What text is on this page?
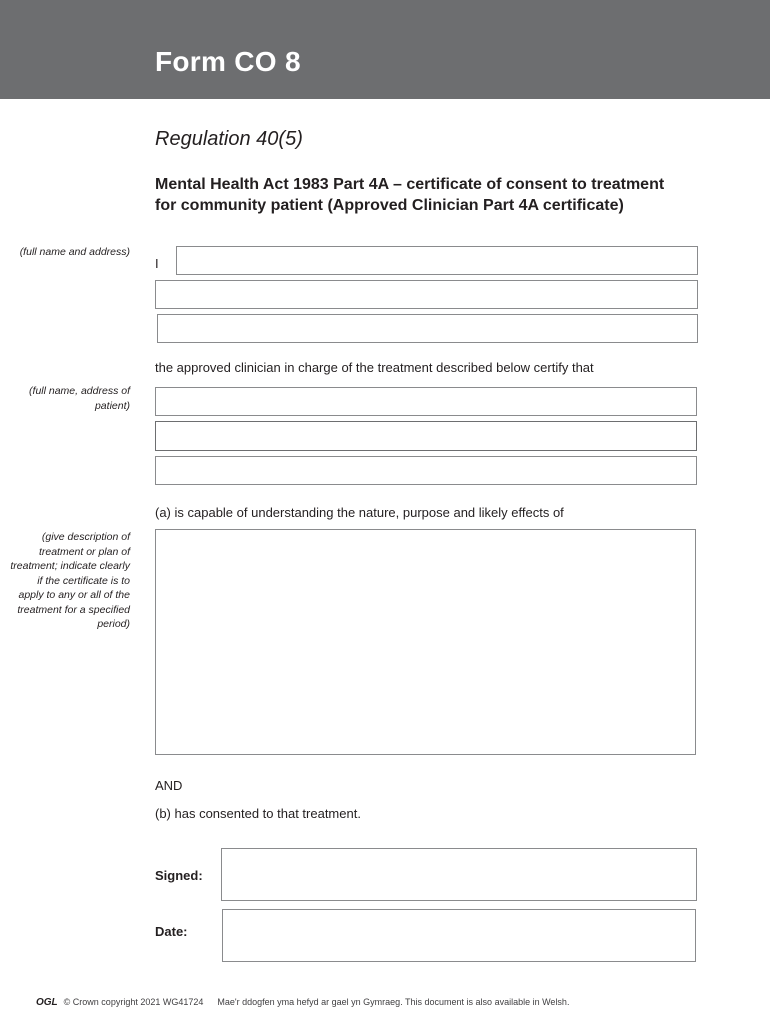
Form CO 8
Regulation 40(5)
Mental Health Act 1983 Part 4A – certificate of consent to treatment for community patient (Approved Clinician Part 4A certificate)
(full name and address)
I
the approved clinician in charge of the treatment described below certify that
(full name, address of patient)
(a) is capable of understanding the nature, purpose and likely effects of
(give description of treatment or plan of treatment; indicate clearly if the certificate is to apply to any or all of the treatment for a specified period)
AND
(b) has consented to that treatment.
Signed:
Date:
OGL © Crown copyright 2021 WG41724 Mae'r ddogfen yma hefyd ar gael yn Gymraeg. This document is also available in Welsh.
